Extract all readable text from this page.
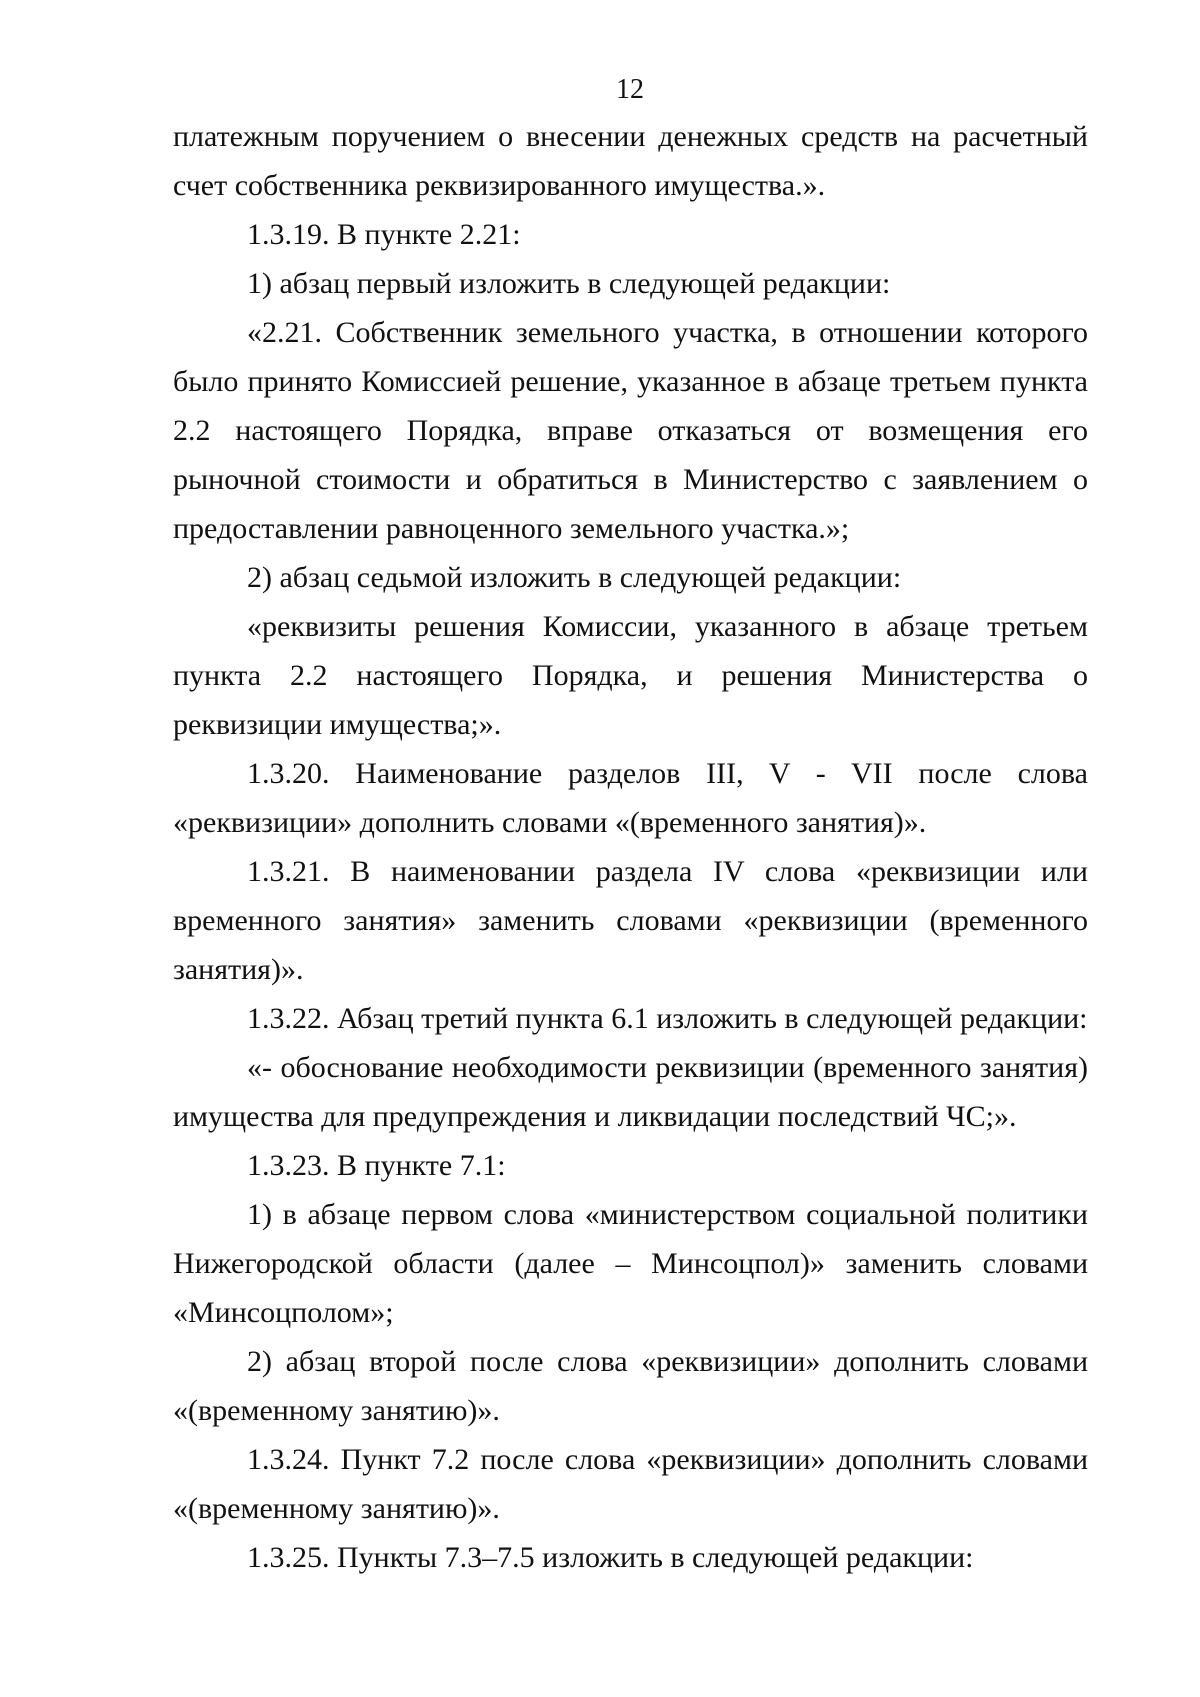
12

платежным поручением о внесении денежных средств на расчетный счет собственника реквизированного имущества.».

1.3.19. В пункте 2.21:

1) абзац первый изложить в следующей редакции:

«2.21. Собственник земельного участка, в отношении которого было принято Комиссией решение, указанное в абзаце третьем пункта 2.2 настоящего Порядка, вправе отказаться от возмещения его рыночной стоимости и обратиться в Министерство с заявлением о предоставлении равноценного земельного участка.»;

2) абзац седьмой изложить в следующей редакции:

«реквизиты решения Комиссии, указанного в абзаце третьем пункта 2.2 настоящего Порядка, и решения Министерства о реквизиции имущества;».

1.3.20. Наименование разделов III, V - VII после слова «реквизиции» дополнить словами «(временного занятия)».

1.3.21. В наименовании раздела IV слова «реквизиции или временного занятия» заменить словами «реквизиции (временного занятия)».

1.3.22. Абзац третий пункта 6.1 изложить в следующей редакции:

«- обоснование необходимости реквизиции (временного занятия) имущества для предупреждения и ликвидации последствий ЧС;».

1.3.23. В пункте 7.1:

1) в абзаце первом слова «министерством социальной политики Нижегородской области (далее – Минсоцпол)» заменить словами «Минсоцполом»;

2) абзац второй после слова «реквизиции» дополнить словами «(временному занятию)».

1.3.24. Пункт 7.2 после слова «реквизиции» дополнить словами «(временному занятию)».

1.3.25. Пункты 7.3–7.5 изложить в следующей редакции:
